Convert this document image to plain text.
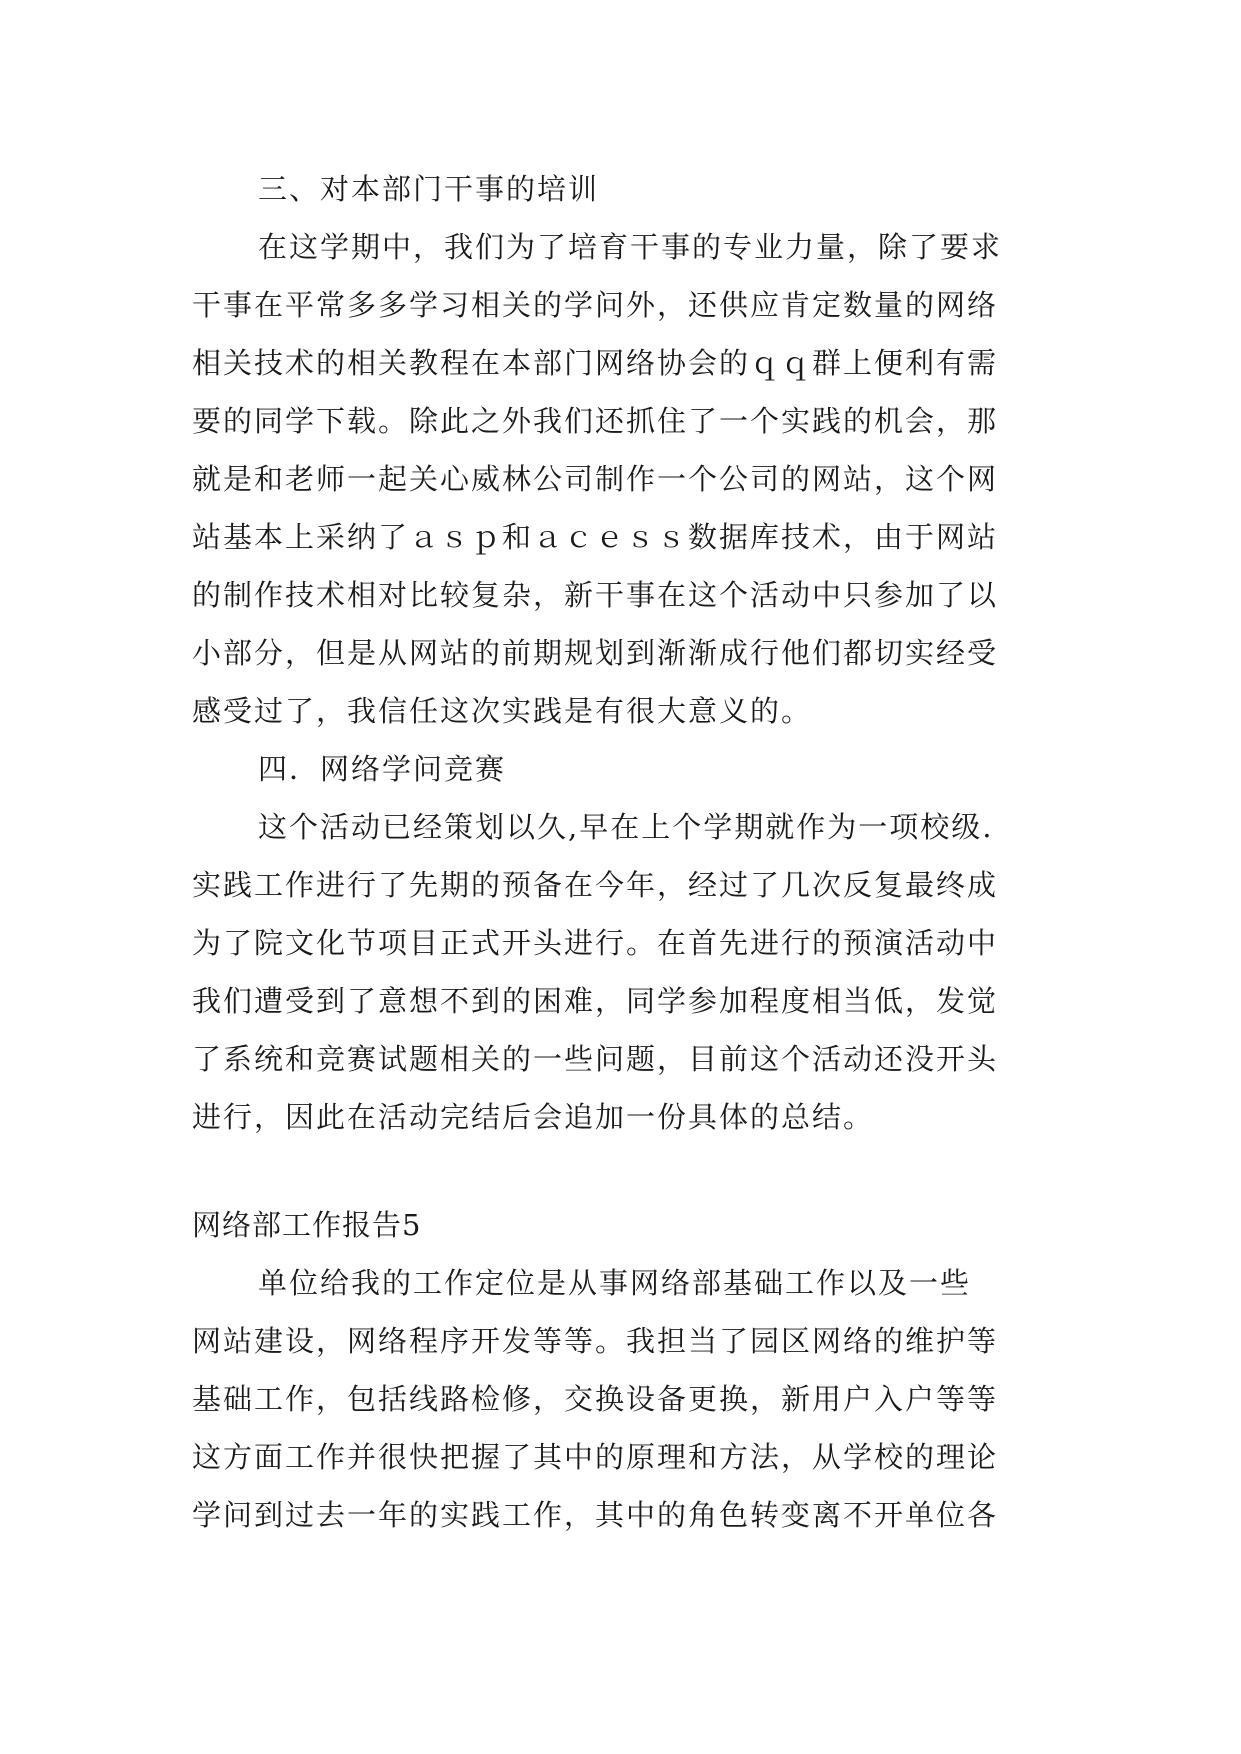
三、对本部门干事的培训
在这学期中，我们为了培育干事的专业力量，除了要求
干事在平常多多学习相关的学问外，还供应肯定数量的网络
相关技术的相关教程在本部门网络协会的ｑｑ群上便利有需
要的同学下载。除此之外我们还抓住了一个实践的机会，那
就是和老师一起关心威林公司制作一个公司的网站，这个网
站基本上采纳了ａｓｐ和ａｃｅｓｓ数据库技术，由于网站
的制作技术相对比较复杂，新干事在这个活动中只参加了以
小部分，但是从网站的前期规划到渐渐成行他们都切实经受
感受过了，我信任这次实践是有很大意义的。
四．网络学问竞赛
这个活动已经策划以久,早在上个学期就作为一项校级.
实践工作进行了先期的预备在今年，经过了几次反复最终成
为了院文化节项目正式开头进行。在首先进行的预演活动中
我们遭受到了意想不到的困难，同学参加程度相当低，发觉
了系统和竞赛试题相关的一些问题，目前这个活动还没开头
进行，因此在活动完结后会追加一份具体的总结。
网络部工作报告5
单位给我的工作定位是从事网络部基础工作以及一些
网站建设，网络程序开发等等。我担当了园区网络的维护等
基础工作，包括线路检修，交换设备更换，新用户入户等等
这方面工作并很快把握了其中的原理和方法，从学校的理论
学问到过去一年的实践工作，其中的角色转变离不开单位各
